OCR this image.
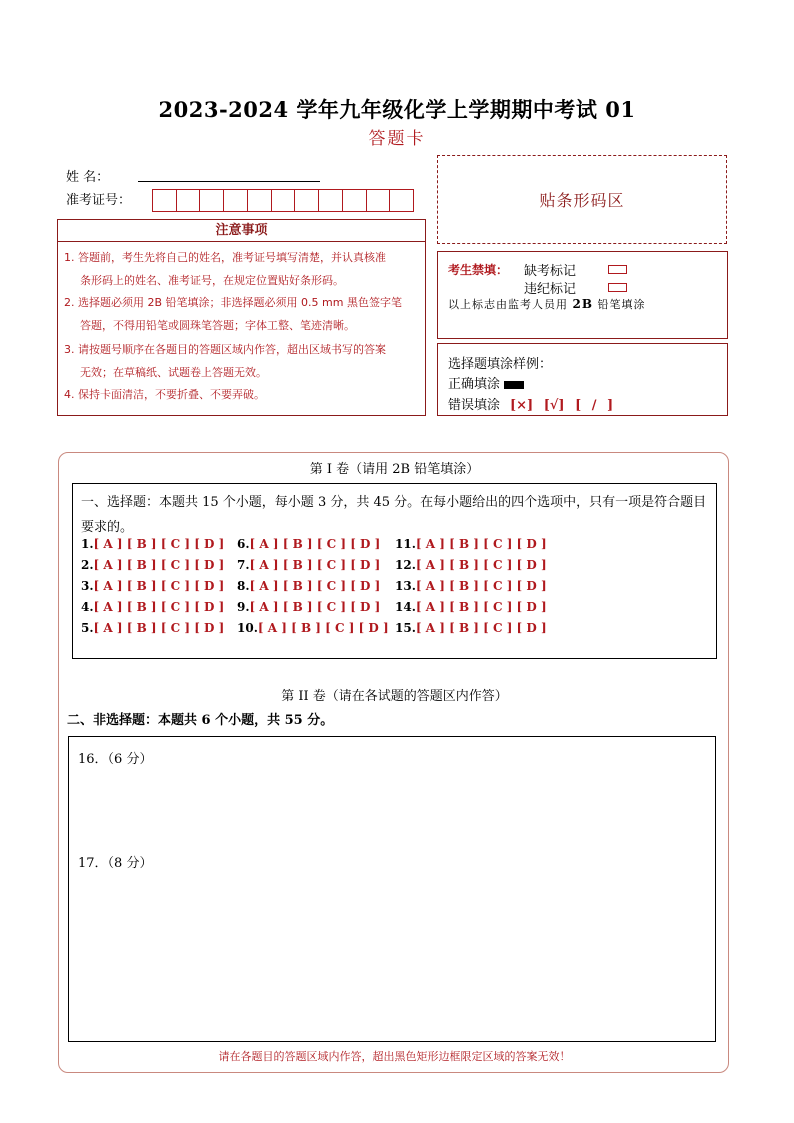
2023-2024 学年九年级化学上学期期中考试 01
答题卡
姓 名：
准考证号：	贴条形码区
注意事项
1. 答题前，考生先将自己的姓名，准考证号填写清楚，并认真核准
条形码上的姓名、准考证号，在规定位置贴好条形码。
2. 选择题必须用 2B 铅笔填涂；非选择题必须用 0.5 mm 黑色签字笔
答题，不得用铅笔或圆珠笔答题；字体工整、笔迹清晰。
3. 请按题号顺序在各题目的答题区域内作答，超出区域书写的答案
无效；在草稿纸、试题卷上答题无效。
4. 保持卡面清洁，不要折叠、不要弄破。
考生禁填： 缺考标记
违纪标记
以上标志由监考人员用 2B 铅笔填涂
选择题填涂样例：
正确填涂
错误填涂 [×] [√] [ / ]
第 I 卷（请用 2B 铅笔填涂）
一、选择题：本题共 15 个小题，每小题 3 分，共 45 分。在每小题给出的四个选项中，只有一项是符合题目要求的。
1.[ A ] [ B ] [ C ] [ D ]
2.[ A ] [ B ] [ C ] [ D ]
3.[ A ] [ B ] [ C ] [ D ]
4.[ A ] [ B ] [ C ] [ D ]
5.[ A ] [ B ] [ C ] [ D ]
6.[ A ] [ B ] [ C ] [ D ]
7.[ A ] [ B ] [ C ] [ D ]
8.[ A ] [ B ] [ C ] [ D ]
9.[ A ] [ B ] [ C ] [ D ]
10.[ A ] [ B ] [ C ] [ D ]
11.[ A ] [ B ] [ C ] [ D ]
12.[ A ] [ B ] [ C ] [ D ]
13.[ A ] [ B ] [ C ] [ D ]
14.[ A ] [ B ] [ C ] [ D ]
15.[ A ] [ B ] [ C ] [ D ]
第 II 卷（请在各试题的答题区内作答）
二、非选择题：本题共 6 个小题，共 55 分。
16．（6 分）
17．（8 分）
请在各题目的答题区域内作答，超出黑色矩形边框限定区域的答案无效！
